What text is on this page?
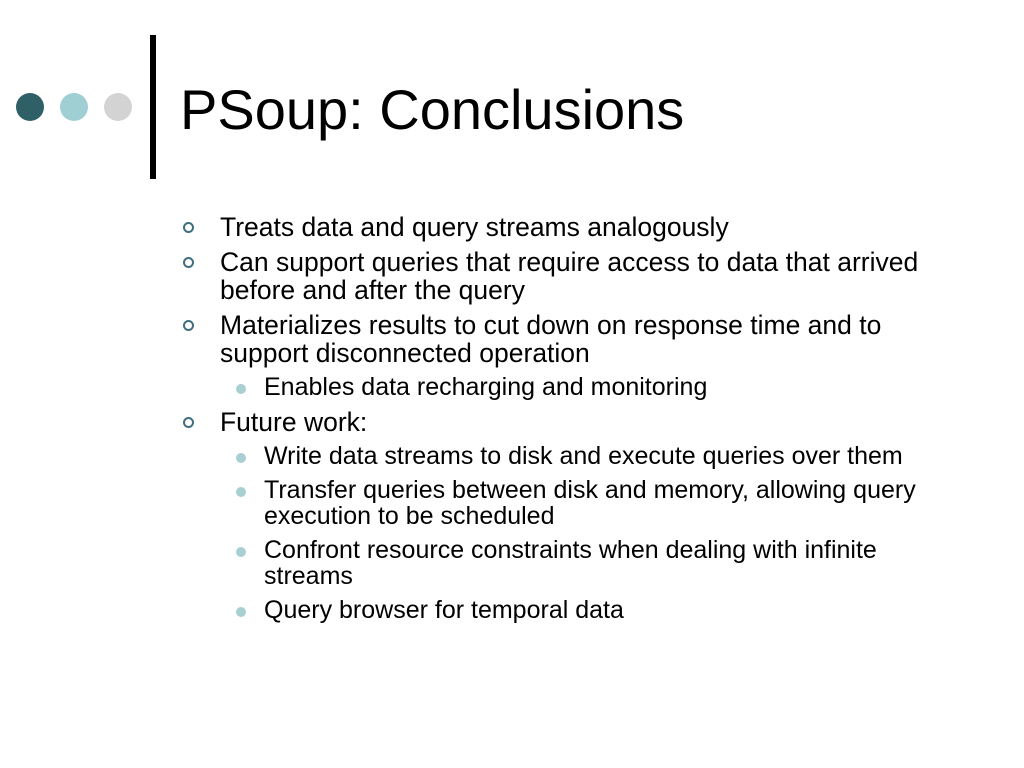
PSoup: Conclusions
Treats data and query streams analogously
Can support queries that require access to data that arrived before and after the query
Materializes results to cut down on response time and to support disconnected operation
Enables data recharging and monitoring
Future work:
Write data streams to disk and execute queries over them
Transfer queries between disk and memory, allowing query execution to be scheduled
Confront resource constraints when dealing with infinite streams
Query browser for temporal data
